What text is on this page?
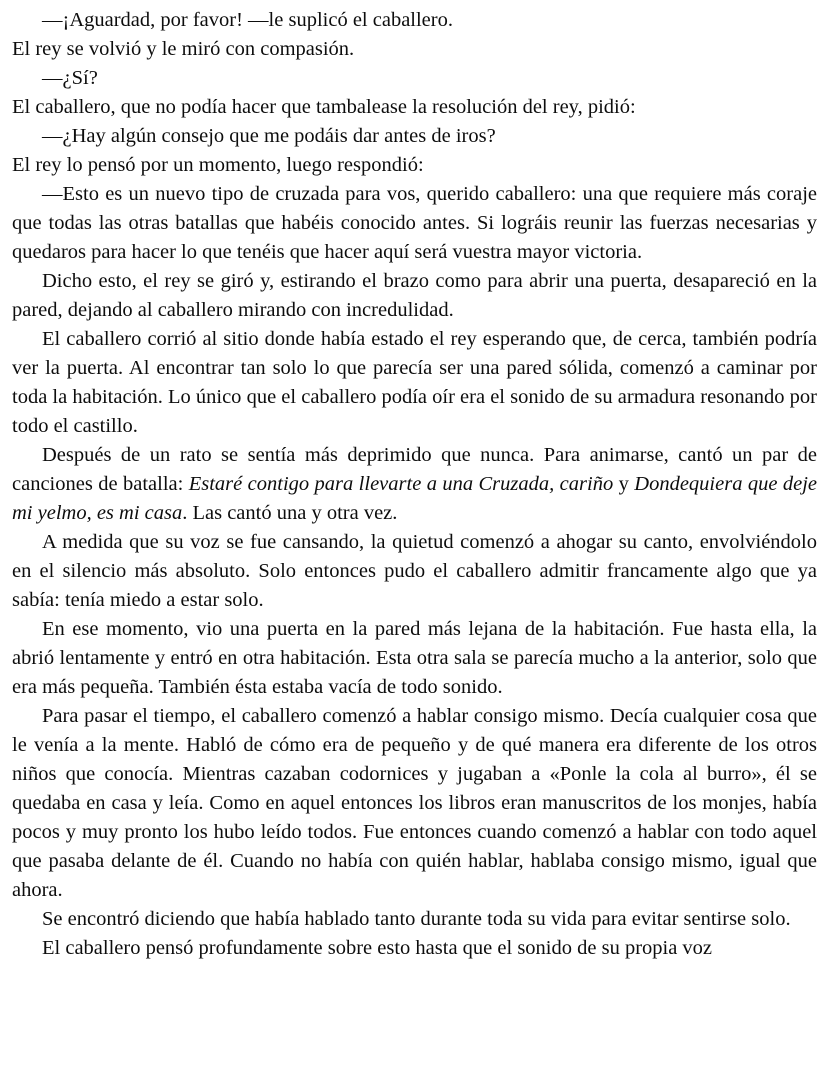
—¡Aguardad, por favor! —le suplicó el caballero.

El rey se volvió y le miró con compasión.

—¿Sí?

El caballero, que no podía hacer que tambalease la resolución del rey, pidió:

—¿Hay algún consejo que me podáis dar antes de iros?

El rey lo pensó por un momento, luego respondió:

—Esto es un nuevo tipo de cruzada para vos, querido caballero: una que requiere más coraje que todas las otras batallas que habéis conocido antes. Si lográis reunir las fuerzas necesarias y quedaros para hacer lo que tenéis que hacer aquí será vuestra mayor victoria.

Dicho esto, el rey se giró y, estirando el brazo como para abrir una puerta, desapareció en la pared, dejando al caballero mirando con incredulidad.

El caballero corrió al sitio donde había estado el rey esperando que, de cerca, también podría ver la puerta. Al encontrar tan solo lo que parecía ser una pared sólida, comenzó a caminar por toda la habitación. Lo único que el caballero podía oír era el sonido de su armadura resonando por todo el castillo.

Después de un rato se sentía más deprimido que nunca. Para animarse, cantó un par de canciones de batalla: Estaré contigo para llevarte a una Cruzada, cariño y Dondequiera que deje mi yelmo, es mi casa. Las cantó una y otra vez.

A medida que su voz se fue cansando, la quietud comenzó a ahogar su canto, envolviéndolo en el silencio más absoluto. Solo entonces pudo el caballero admitir francamente algo que ya sabía: tenía miedo a estar solo.

En ese momento, vio una puerta en la pared más lejana de la habitación. Fue hasta ella, la abrió lentamente y entró en otra habitación. Esta otra sala se parecía mucho a la anterior, solo que era más pequeña. También ésta estaba vacía de todo sonido.

Para pasar el tiempo, el caballero comenzó a hablar consigo mismo. Decía cualquier cosa que le venía a la mente. Habló de cómo era de pequeño y de qué manera era diferente de los otros niños que conocía. Mientras cazaban codornices y jugaban a «Ponle la cola al burro», él se quedaba en casa y leía. Como en aquel entonces los libros eran manuscritos de los monjes, había pocos y muy pronto los hubo leído todos. Fue entonces cuando comenzó a hablar con todo aquel que pasaba delante de él. Cuando no había con quién hablar, hablaba consigo mismo, igual que ahora.

Se encontró diciendo que había hablado tanto durante toda su vida para evitar sentirse solo.

El caballero pensó profundamente sobre esto hasta que el sonido de su propia voz
